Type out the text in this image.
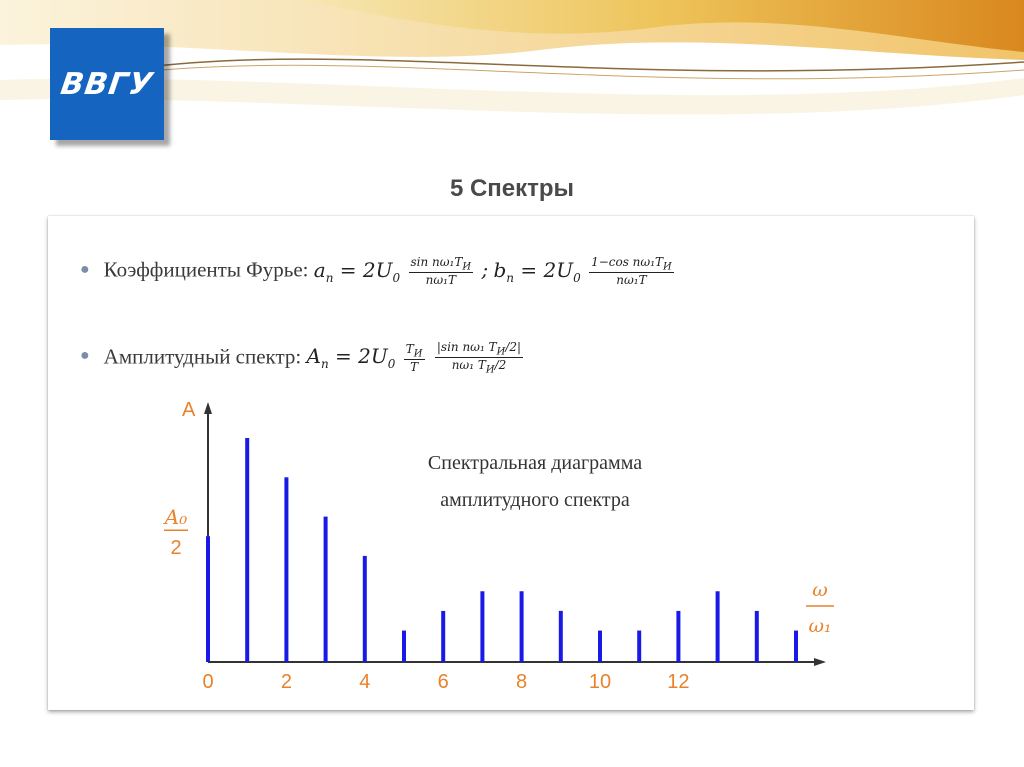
ВВГУ
5 Спектры
● Коэффициенты Фурье: $a_n = 2U_0 \frac{\sin n\omega_1T_И}{\text{nω₁T}}$ ; $b_n = 2U_0 \frac{1-\cos n\omega_1T_И}{\text{nω₁T}}$
● Амплитудный спектр: $A_n = 2U_0 \frac{T_И}{T}$
$\frac{|\sin n\omega_1 T_И/2|}{n\omega_1 T_И/2}$
Спектральная диаграмма
амплитудного спектра
0	2	4	6	8	10	12
A
A₀
2
ω
ω₁
